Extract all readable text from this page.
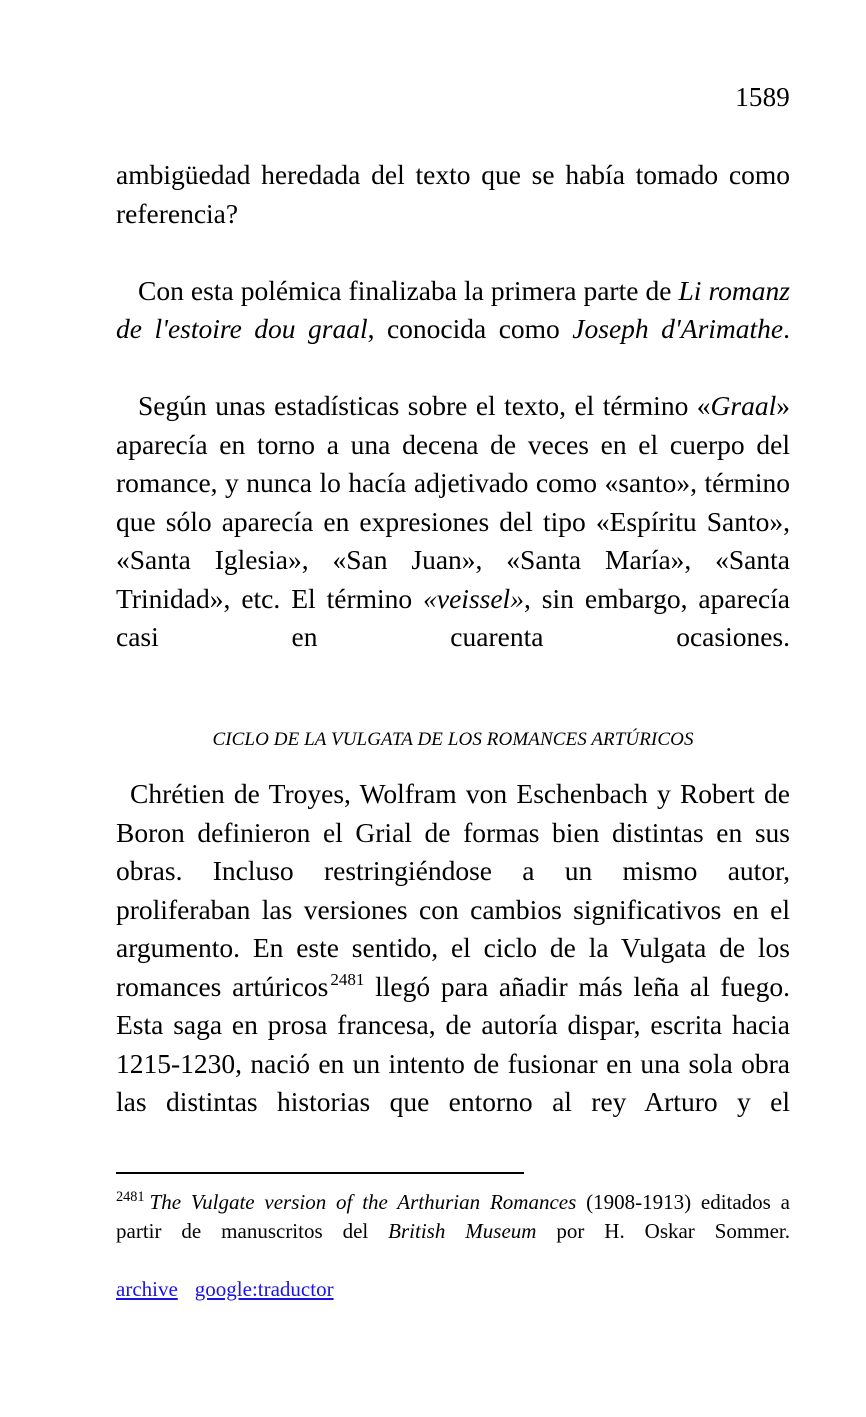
1589

ambigüedad heredada del texto que se había tomado como referencia?

Con esta polémica finalizaba la primera parte de Li romanz de l'estoire dou graal, conocida como Joseph d'Arimathe.

Según unas estadísticas sobre el texto, el término «Graal» aparecía en torno a una decena de veces en el cuerpo del romance, y nunca lo hacía adjetivado como «santo», término que sólo aparecía en expresiones del tipo «Espíritu Santo», «Santa Iglesia», «San Juan», «Santa María», «Santa Trinidad», etc. El término «veissel», sin embargo, aparecía casi en cuarenta ocasiones.

CICLO DE LA VULGATA DE LOS ROMANCES ARTÚRICOS

Chrétien de Troyes, Wolfram von Eschenbach y Robert de Boron definieron el Grial de formas bien distintas en sus obras. Incluso restringiéndose a un mismo autor, proliferaban las versiones con cambios significativos en el argumento. En este sentido, el ciclo de la Vulgata de los romances artúricos $^{2481}$ llegó para añadir más leña al fuego. Esta saga en prosa francesa, de autoría dispar, escrita hacia 1215-1230, nació en un intento de fusionar en una sola obra las distintas historias que entorno al rey Arturo y el

$^{2481}$ The Vulgate version of the Arthurian Romances (1908-1913) editados a partir de manuscritos del British Museum por H. Oskar Sommer.

archive google:traductor
